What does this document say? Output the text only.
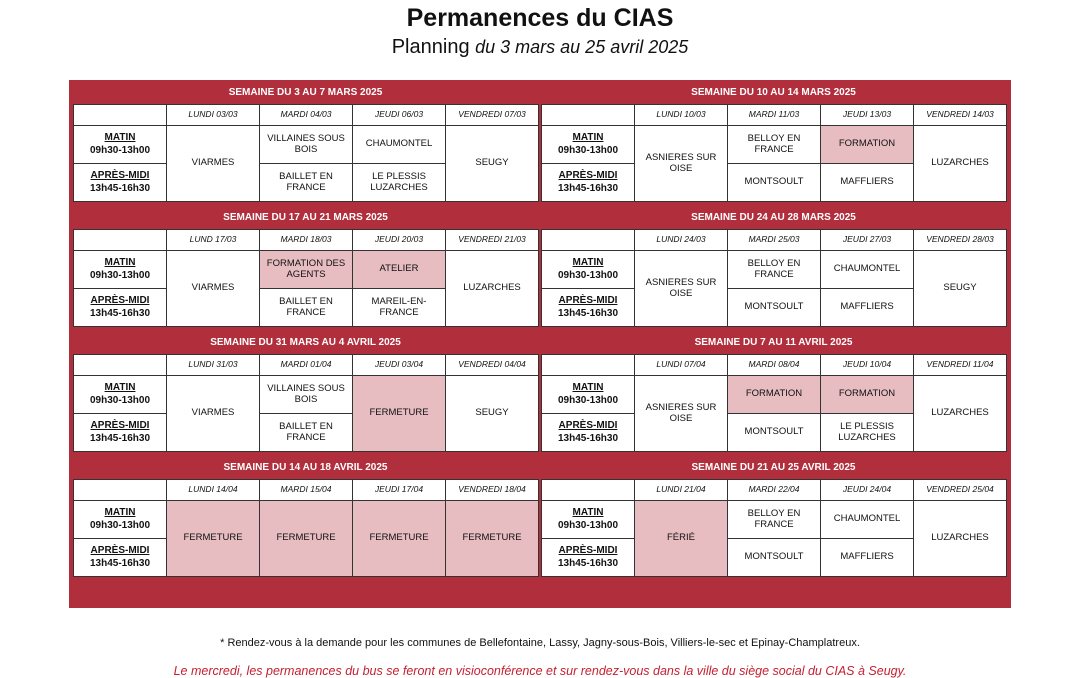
Permanences du CIAS
Planning du 3 mars au 25 avril 2025
SEMAINE DU 3 AU 7 MARS 2025
	LUNDI 03/03	MARDI 04/03	JEUDI 06/03	VENDREDI 07/03
MATIN
09h30-13h00	VIARMES	VILLAINES SOUS BOIS	CHAUMONTEL	SEUGY
APRÈS-MIDI
13h45-16h30		BAILLET EN FRANCE	LE PLESSIS LUZARCHES	
SEMAINE DU 10 AU 14 MARS 2025
	LUNDI 10/03	MARDI 11/03	JEUDI 13/03	VENDREDI 14/03
MATIN
09h30-13h00	ASNIERES SUR OISE	BELLOY EN FRANCE	FORMATION	LUZARCHES
APRÈS-MIDI
13h45-16h30		MONTSOULT	MAFFLIERS	
SEMAINE DU 17 AU 21 MARS 2025
	LUND 17/03	MARDI 18/03	JEUDI 20/03	VENDREDI 21/03
MATIN
09h30-13h00	VIARMES	FORMATION DES AGENTS	ATELIER	LUZARCHES
APRÈS-MIDI
13h45-16h30		BAILLET EN FRANCE	MAREIL-EN-FRANCE	
SEMAINE DU 24 AU 28 MARS 2025
	LUNDI 24/03	MARDI 25/03	JEUDI 27/03	VENDREDI 28/03
MATIN
09h30-13h00	ASNIERES SUR OISE	BELLOY EN FRANCE	CHAUMONTEL	SEUGY
APRÈS-MIDI
13h45-16h30		MONTSOULT	MAFFLIERS	
SEMAINE DU 31 MARS AU 4 AVRIL 2025
	LUNDI 31/03	MARDI 01/04	JEUDI 03/04	VENDREDI 04/04
MATIN
09h30-13h00	VIARMES	VILLAINES SOUS BOIS	FERMETURE	SEUGY
APRÈS-MIDI
13h45-16h30		BAILLET EN FRANCE		
SEMAINE DU 7 AU 11 AVRIL 2025
	LUNDI 07/04	MARDI 08/04	JEUDI 10/04	VENDREDI 11/04
MATIN
09h30-13h00	ASNIERES SUR OISE	FORMATION	FORMATION	LUZARCHES
APRÈS-MIDI
13h45-16h30		MONTSOULT	LE PLESSIS LUZARCHES	
SEMAINE DU 14 AU 18 AVRIL 2025
	LUNDI 14/04	MARDI 15/04	JEUDI 17/04	VENDREDI 18/04
MATIN
09h30-13h00	FERMETURE	FERMETURE	FERMETURE	FERMETURE
APRÈS-MIDI
13h45-16h30				
SEMAINE DU 21 AU 25 AVRIL 2025
	LUNDI 21/04	MARDI 22/04	JEUDI 24/04	VENDREDI 25/04
MATIN
09h30-13h00	FÉRIÉ	BELLOY EN FRANCE	CHAUMONTEL	LUZARCHES
APRÈS-MIDI
13h45-16h30		MONTSOULT	MAFFLIERS	
* Rendez-vous à la demande pour les communes de Bellefontaine, Lassy, Jagny-sous-Bois, Villiers-le-sec et Epinay-Champlatreux.
Le mercredi, les permanences du bus se feront en visioconférence et sur rendez-vous dans la ville du siège social du CIAS à Seugy.
